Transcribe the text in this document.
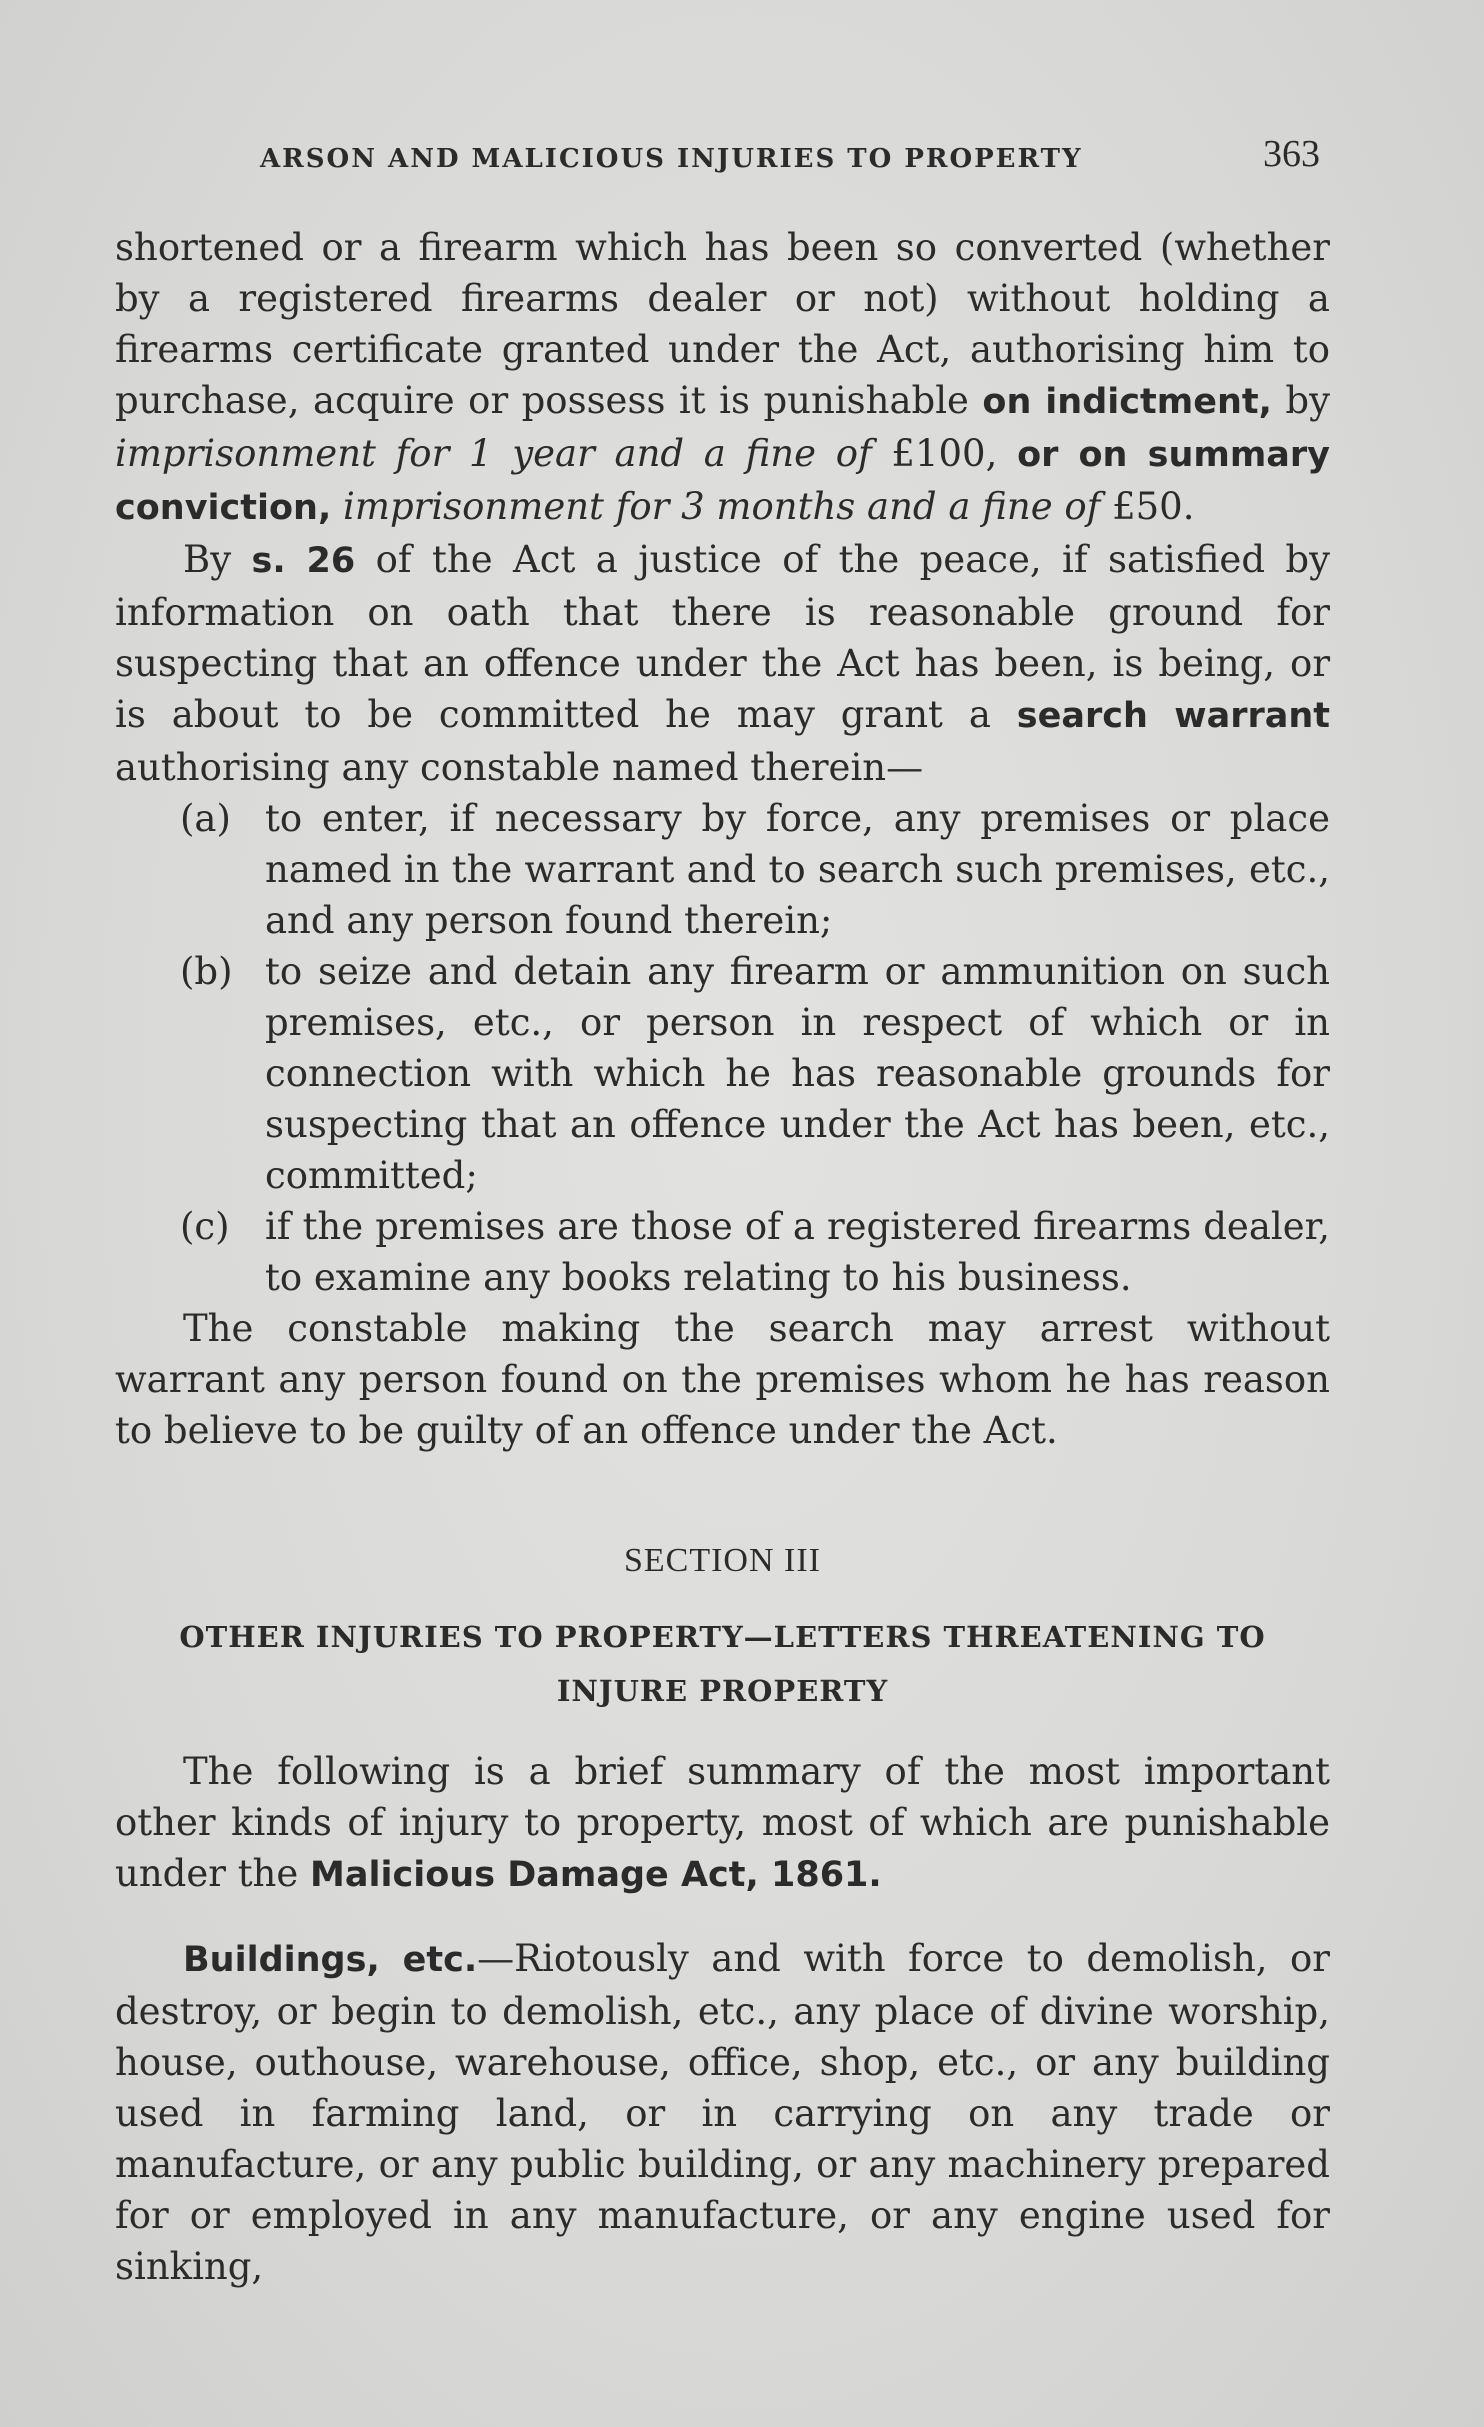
ARSON AND MALICIOUS INJURIES TO PROPERTY	363

shortened or a firearm which has been so converted (whether by a registered firearms dealer or not) without holding a firearms certificate granted under the Act, authorising him to purchase, acquire or possess it is punishable on indictment, by imprisonment for 1 year and a fine of £100, or on summary conviction, imprisonment for 3 months and a fine of £50.

By s. 26 of the Act a justice of the peace, if satisfied by information on oath that there is reasonable ground for suspecting that an offence under the Act has been, is being, or is about to be committed he may grant a search warrant authorising any constable named therein—

(a) to enter, if necessary by force, any premises or place named in the warrant and to search such premises, etc., and any person found therein;
(b) to seize and detain any firearm or ammunition on such premises, etc., or person in respect of which or in connection with which he has reasonable grounds for suspecting that an offence under the Act has been, etc., committed;
(c) if the premises are those of a registered firearms dealer, to examine any books relating to his business.

The constable making the search may arrest without warrant any person found on the premises whom he has reason to believe to be guilty of an offence under the Act.

SECTION III
OTHER INJURIES TO PROPERTY—LETTERS THREATENING TO INJURE PROPERTY

The following is a brief summary of the most important other kinds of injury to property, most of which are punishable under the Malicious Damage Act, 1861.

Buildings, etc.—Riotously and with force to demolish, or destroy, or begin to demolish, etc., any place of divine worship, house, outhouse, warehouse, office, shop, etc., or any building used in farming land, or in carrying on any trade or manufacture, or any public building, or any machinery prepared for or employed in any manufacture, or any engine used for sinking,
